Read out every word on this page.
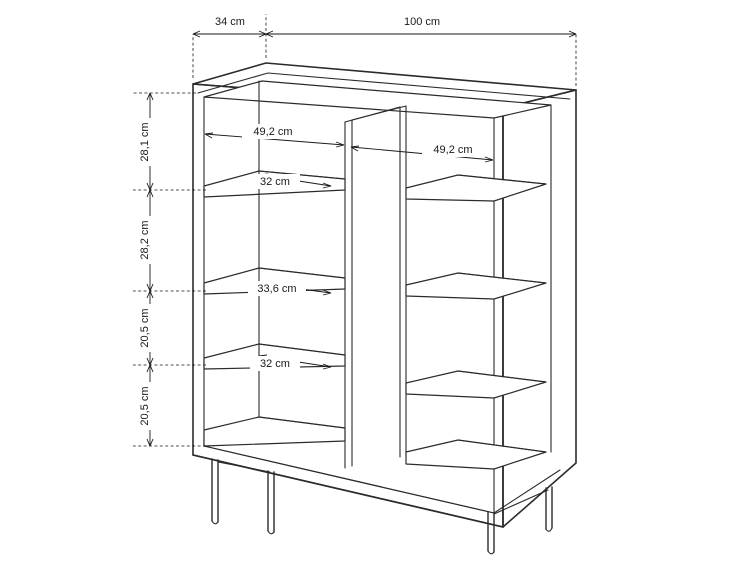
34 cm	100 cm
28,1 cm
28,2 cm
20,5 cm
20,5 cm
49,2 cm
49,2 cm
32 cm
33,6 cm
32 cm
